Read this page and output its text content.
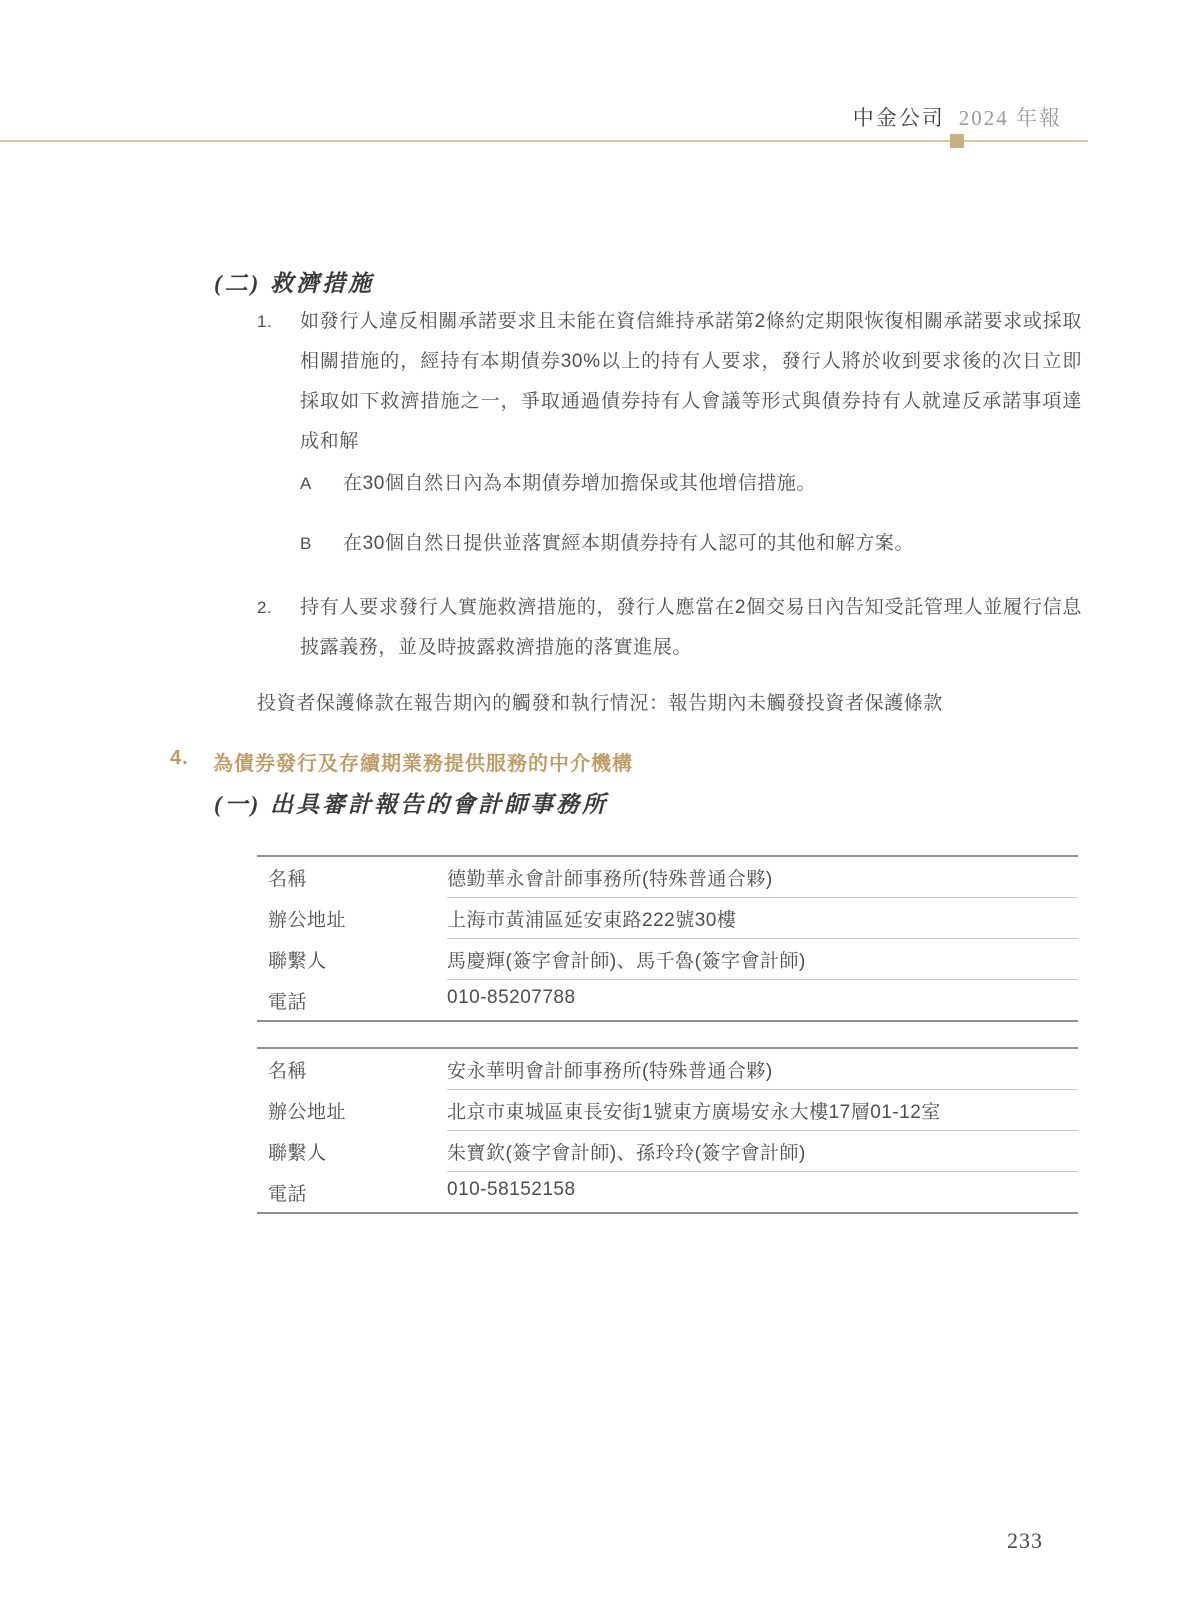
中金公司 2024 年報
(二) 救濟措施
1.	如發行人違反相關承諾要求且未能在資信維持承諾第2條約定期限恢復相關承諾要求或採取相關措施的，經持有本期債券30%以上的持有人要求，發行人將於收到要求後的次日立即採取如下救濟措施之一，爭取通過債券持有人會議等形式與債券持有人就違反承諾事項達成和解
A	在30個自然日內為本期債券增加擔保或其他增信措施。
B	在30個自然日提供並落實經本期債券持有人認可的其他和解方案。
2.	持有人要求發行人實施救濟措施的，發行人應當在2個交易日內告知受託管理人並履行信息披露義務，並及時披露救濟措施的落實進展。
投資者保護條款在報告期內的觸發和執行情況：報告期內未觸發投資者保護條款
4.	為債券發行及存續期業務提供服務的中介機構
(一) 出具審計報告的會計師事務所
名稱	德勤華永會計師事務所(特殊普通合夥)
辦公地址	上海市黃浦區延安東路222號30樓
聯繫人	馬慶輝(簽字會計師)、馬千魯(簽字會計師)
電話	010-85207788
名稱	安永華明會計師事務所(特殊普通合夥)
辦公地址	北京市東城區東長安街1號東方廣場安永大樓17層01-12室
聯繫人	朱寶欽(簽字會計師)、孫玲玲(簽字會計師)
電話	010-58152158
233
